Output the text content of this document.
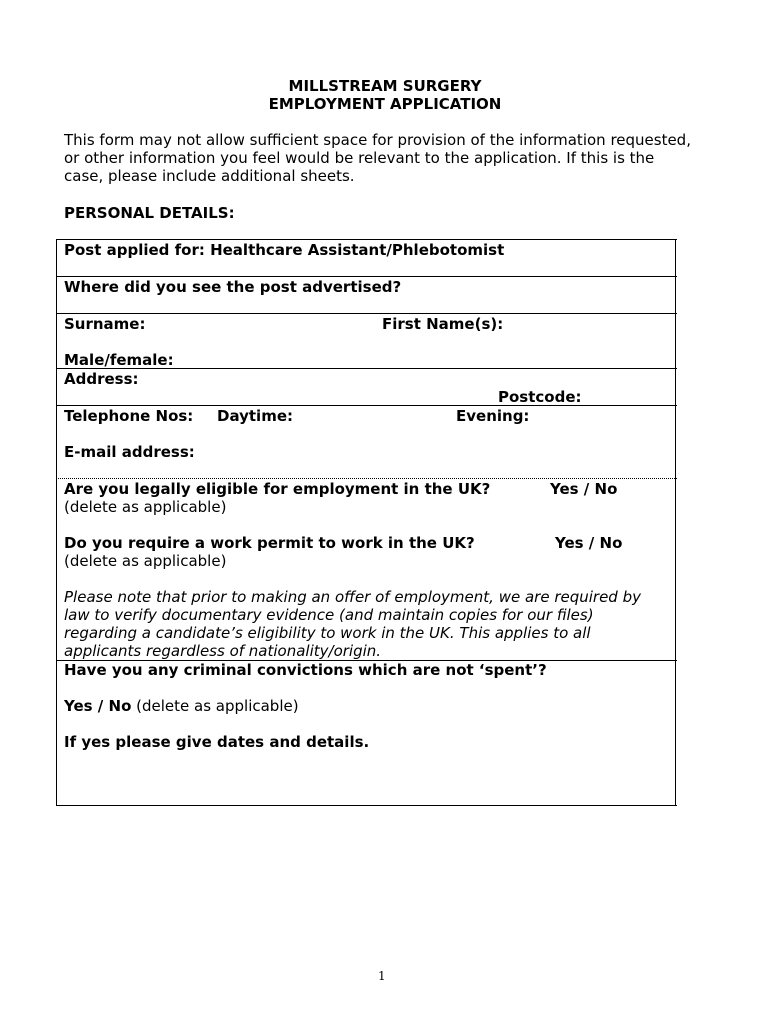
MILLSTREAM SURGERY
EMPLOYMENT APPLICATION
This form may not allow sufficient space for provision of the information requested,
or other information you feel would be relevant to the application. If this is the
case, please include additional sheets.
PERSONAL DETAILS:
Post applied for: Healthcare Assistant/Phlebotomist
Where did you see the post advertised?
Surname:	First Name(s):
Male/female:
Address:
Postcode:
Telephone Nos: Daytime:	Evening:
E-mail address:
Are you legally eligible for employment in the UK?	Yes / No
(delete as applicable)
Do you require a work permit to work in the UK?	Yes / No
(delete as applicable)
Please note that prior to making an offer of employment, we are required by
law to verify documentary evidence (and maintain copies for our files)
regarding a candidate’s eligibility to work in the UK. This applies to all
applicants regardless of nationality/origin.
Have you any criminal convictions which are not ‘spent’?
Yes / No (delete as applicable)
If yes please give dates and details.
1
